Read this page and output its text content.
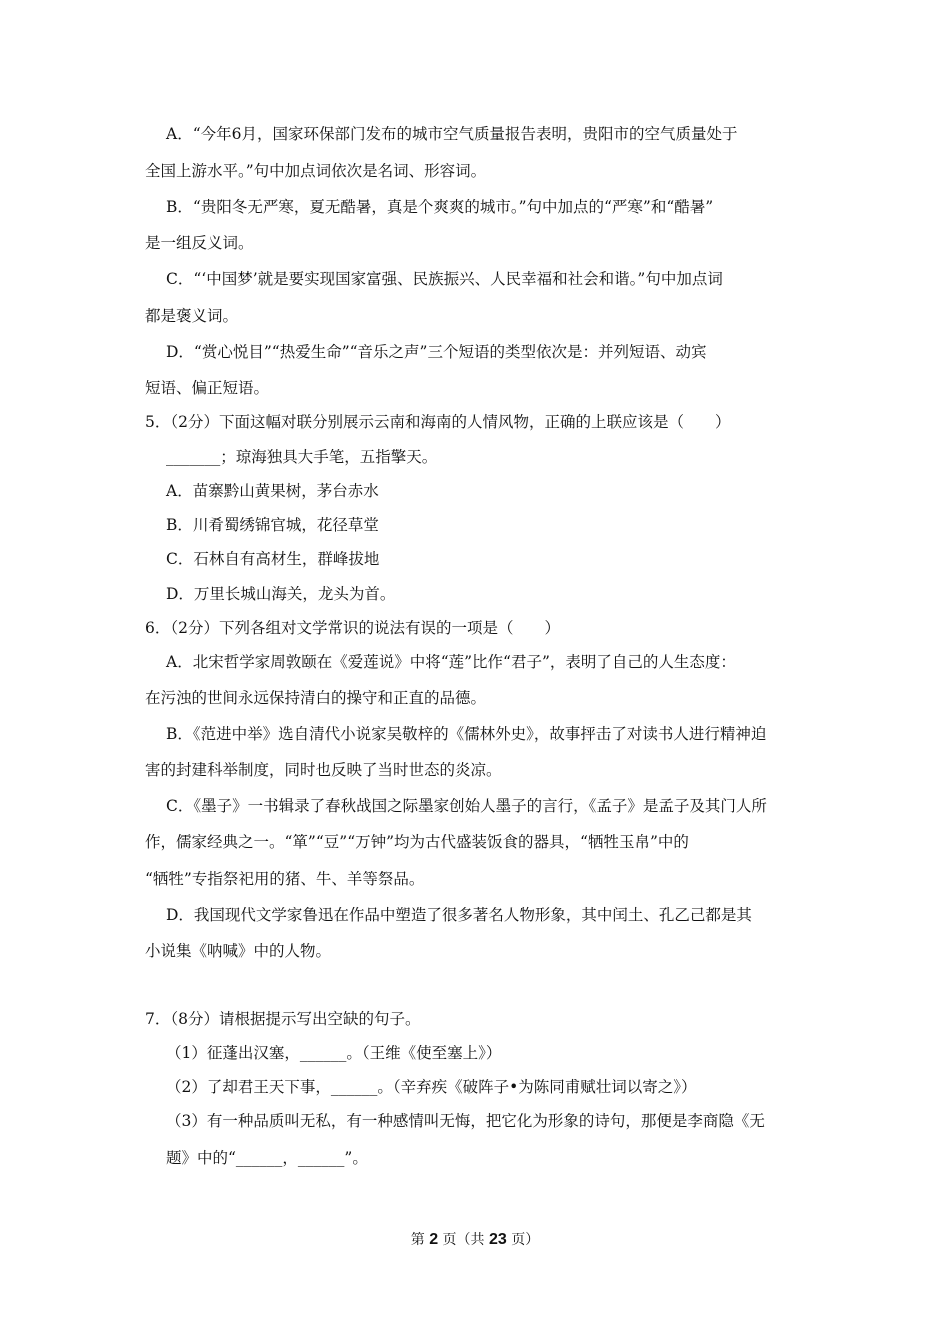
A．“今年6月，国家环保部门发布的城市空气质量报告表明，贵阳市的空气质量处于
全国上游水平。”句中加点词依次是名词、形容词。
B．“贵阳冬无严寒，夏无酷暑，真是个爽爽的城市。”句中加点的“严寒”和“酷暑”
是一组反义词。
C．“‘中国梦’就是要实现国家富强、民族振兴、人民幸福和社会和谐。”句中加点词
都是褒义词。
D．“赏心悦目”“热爱生命”“音乐之声”三个短语的类型依次是：并列短语、动宾
短语、偏正短语。
5．（2分）下面这幅对联分别展示云南和海南的人情风物，正确的上联应该是（　　）
_______；琼海独具大手笔，五指擎天。
A．苗寨黔山黄果树，茅台赤水
B．川肴蜀绣锦官城，花径草堂
C．石林自有高材生，群峰拔地
D．万里长城山海关，龙头为首。
6．（2分）下列各组对文学常识的说法有误的一项是（　　）
A．北宋哲学家周敦颐在《爱莲说》中将“莲”比作“君子”，表明了自己的人生态度：
在污浊的世间永远保持清白的操守和正直的品德。
B．《范进中举》选自清代小说家吴敬梓的《儒林外史》，故事抨击了对读书人进行精神迫
害的封建科举制度，同时也反映了当时世态的炎凉。
C．《墨子》一书辑录了春秋战国之际墨家创始人墨子的言行，《孟子》是孟子及其门人所
作，儒家经典之一。“箪”“豆”“万钟”均为古代盛装饭食的器具，“牺牲玉帛”中的
“牺牲”专指祭祀用的猪、牛、羊等祭品。
D．我国现代文学家鲁迅在作品中塑造了很多著名人物形象，其中闰土、孔乙己都是其
小说集《呐喊》中的人物。
7．（8分）请根据提示写出空缺的句子。
（1）征蓬出汉塞，______。（王维《使至塞上》）
（2）了却君王天下事，______。（辛弃疾《破阵子•为陈同甫赋壮词以寄之》）
（3）有一种品质叫无私，有一种感情叫无悔，把它化为形象的诗句，那便是李商隐《无
题》中的“______，______”。
第 2 页（共 23 页）
